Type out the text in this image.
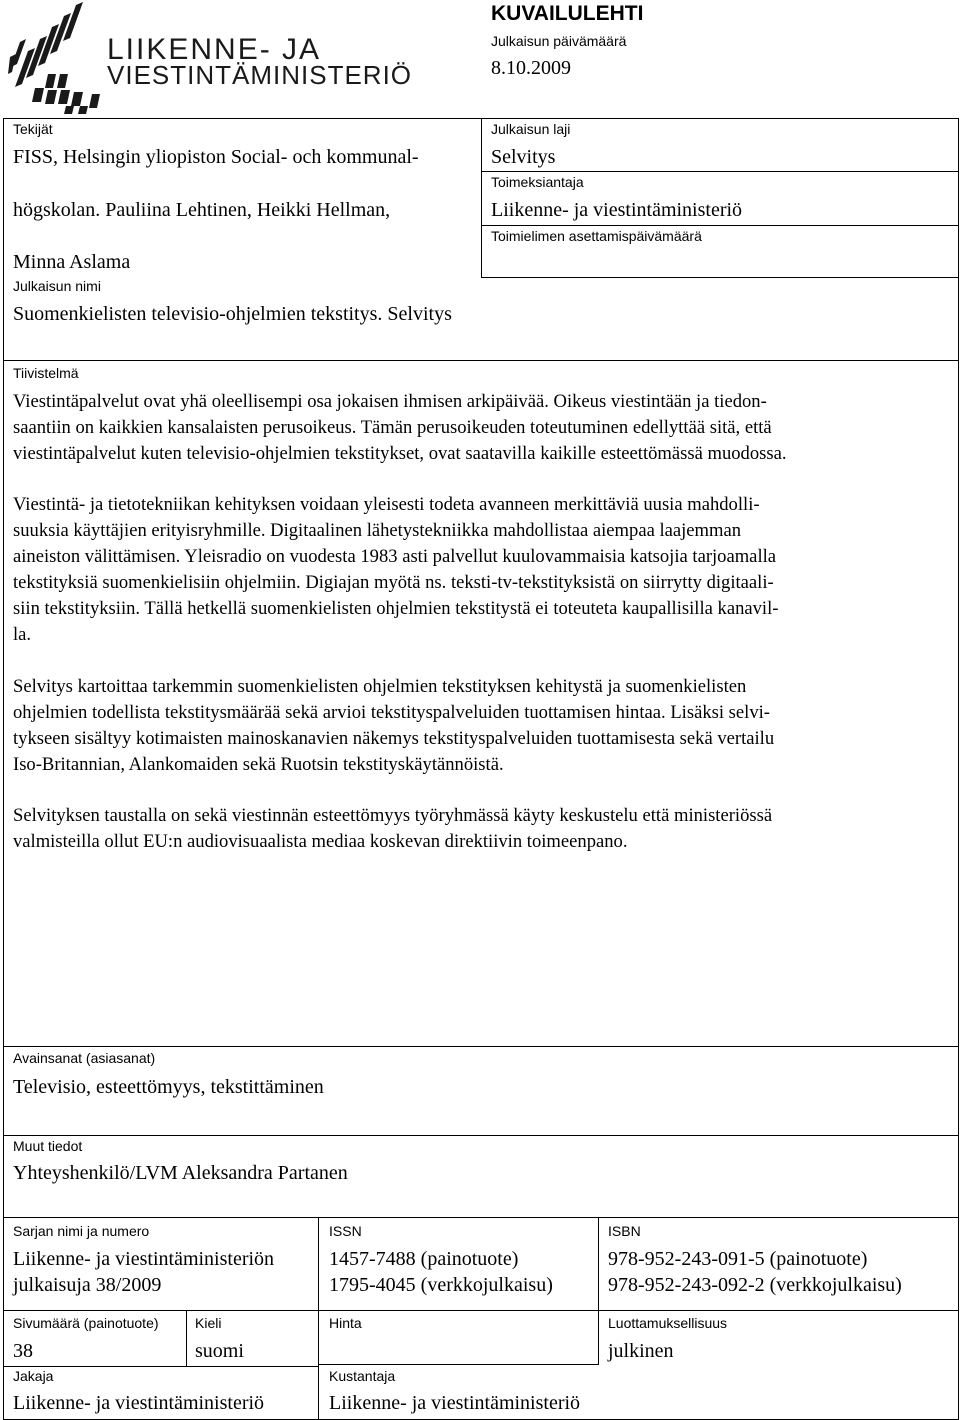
LIIKENNE- JA
VIESTINTÄMINISTERIÖ
KUVAILULEHTI
Julkaisun päivämäärä
8.10.2009
Tekijät
FISS, Helsingin yliopiston Social- och kommunal-
högskolan. Pauliina Lehtinen, Heikki Hellman,
Minna Aslama
Julkaisun laji
Selvitys
Toimeksiantaja
Liikenne- ja viestintäministeriö
Toimielimen asettamispäivämäärä
Julkaisun nimi
Suomenkielisten televisio-ohjelmien tekstitys. Selvitys
Tiivistelmä

Viestintäpalvelut ovat yhä oleellisempi osa jokaisen ihmisen arkipäivää. Oikeus viestintään ja tiedon-

saantiin on kaikkien kansalaisten perusoikeus. Tämän perusoikeuden toteutuminen edellyttää sitä, että

viestintäpalvelut kuten televisio-ohjelmien tekstitykset, ovat saatavilla kaikille esteettömässä muodossa.

Viestintä- ja tietotekniikan kehityksen voidaan yleisesti todeta avanneen merkittäviä uusia mahdolli-

suuksia käyttäjien erityisryhmille. Digitaalinen lähetystekniikka mahdollistaa aiempaa laajemman

aineiston välittämisen. Yleisradio on vuodesta 1983 asti palvellut kuulovammaisia katsojia tarjoamalla

tekstityksiä suomenkielisiin ohjelmiin. Digiajan myötä ns. teksti-tv-tekstityksistä on siirrytty digitaali-

siin tekstityksiin. Tällä hetkellä suomenkielisten ohjelmien tekstitystä ei toteuteta kaupallisilla kanavil-

la.

Selvitys kartoittaa tarkemmin suomenkielisten ohjelmien tekstityksen kehitystä ja suomenkielisten

ohjelmien todellista tekstitysmäärää sekä arvioi tekstityspalveluiden tuottamisen hintaa. Lisäksi selvi-

tykseen sisältyy kotimaisten mainoskanavien näkemys tekstityspalveluiden tuottamisesta sekä vertailu

Iso-Britannian, Alankomaiden sekä Ruotsin tekstityskäytännöistä.

Selvityksen taustalla on sekä viestinnän esteettömyys työryhmässä käyty keskustelu että ministeriössä

valmisteilla ollut EU:n audiovisuaalista mediaa koskevan direktiivin toimeenpano.

Avainsanat (asiasanat)
Televisio, esteettömyys, tekstittäminen
Muut tiedot
Yhteyshenkilö/LVM Aleksandra Partanen
Sarjan nimi ja numero
Liikenne- ja viestintäministeriön
julkaisuja 38/2009
ISSN
1457-7488 (painotuote)
1795-4045 (verkkojulkaisu)
ISBN
978-952-243-091-5 (painotuote)
978-952-243-092-2 (verkkojulkaisu)
Sivumäärä (painotuote)
38
Kieli
suomi
Hinta	Luottamuksellisuus
julkinen
Jakaja
Liikenne- ja viestintäministeriö
Kustantaja
Liikenne- ja viestintäministeriö
